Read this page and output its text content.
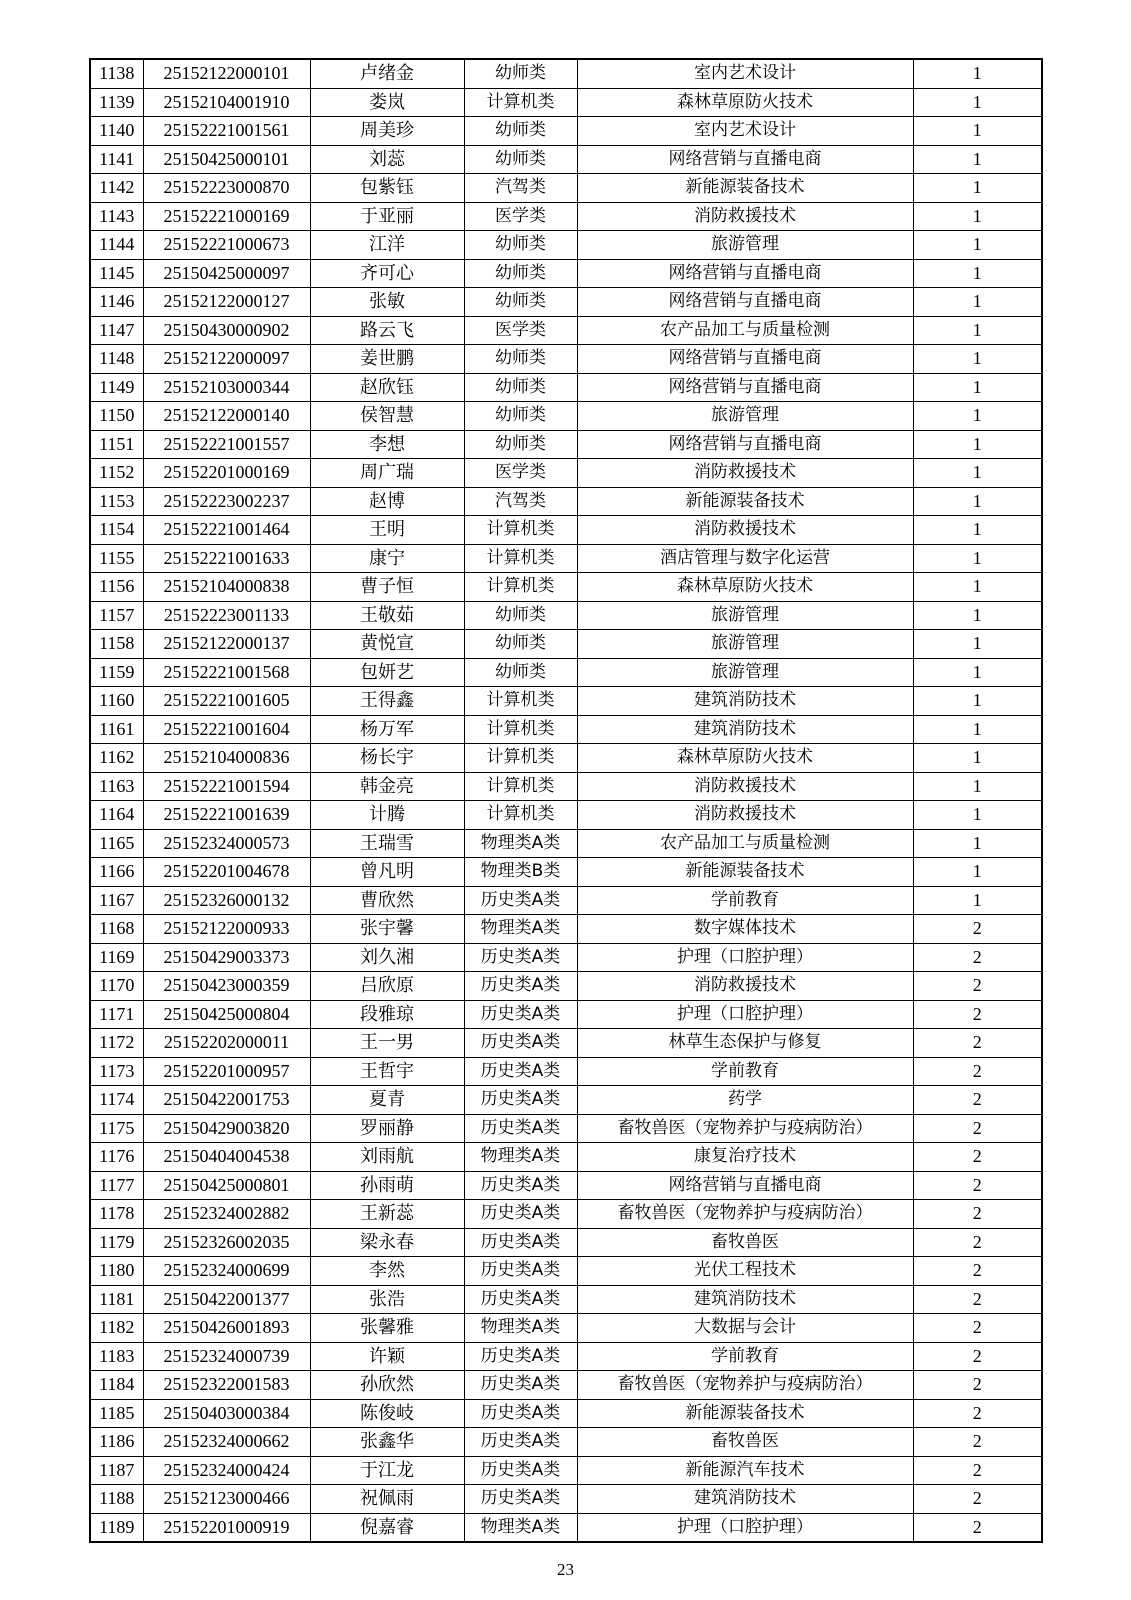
1138	25152122000101	卢绪金	幼师类	室内艺术设计	1
1139	25152104001910	娄岚	计算机类	森林草原防火技术	1
1140	25152221001561	周美珍	幼师类	室内艺术设计	1
1141	25150425000101	刘蕊	幼师类	网络营销与直播电商	1
1142	25152223000870	包紫钰	汽驾类	新能源装备技术	1
1143	25152221000169	于亚丽	医学类	消防救援技术	1
1144	25152221000673	江洋	幼师类	旅游管理	1
1145	25150425000097	齐可心	幼师类	网络营销与直播电商	1
1146	25152122000127	张敏	幼师类	网络营销与直播电商	1
1147	25150430000902	路云飞	医学类	农产品加工与质量检测	1
1148	25152122000097	姜世鹏	幼师类	网络营销与直播电商	1
1149	25152103000344	赵欣钰	幼师类	网络营销与直播电商	1
1150	25152122000140	侯智慧	幼师类	旅游管理	1
1151	25152221001557	李想	幼师类	网络营销与直播电商	1
1152	25152201000169	周广瑞	医学类	消防救援技术	1
1153	25152223002237	赵博	汽驾类	新能源装备技术	1
1154	25152221001464	王明	计算机类	消防救援技术	1
1155	25152221001633	康宁	计算机类	酒店管理与数字化运营	1
1156	25152104000838	曹子恒	计算机类	森林草原防火技术	1
1157	25152223001133	王敬茹	幼师类	旅游管理	1
1158	25152122000137	黄悦宣	幼师类	旅游管理	1
1159	25152221001568	包妍艺	幼师类	旅游管理	1
1160	25152221001605	王得鑫	计算机类	建筑消防技术	1
1161	25152221001604	杨万军	计算机类	建筑消防技术	1
1162	25152104000836	杨长宇	计算机类	森林草原防火技术	1
1163	25152221001594	韩金亮	计算机类	消防救援技术	1
1164	25152221001639	计腾	计算机类	消防救援技术	1
1165	25152324000573	王瑞雪	物理类A类	农产品加工与质量检测	1
1166	25152201004678	曾凡明	物理类B类	新能源装备技术	1
1167	25152326000132	曹欣然	历史类A类	学前教育	1
1168	25152122000933	张宇馨	物理类A类	数字媒体技术	2
1169	25150429003373	刘久湘	历史类A类	护理（口腔护理）	2
1170	25150423000359	吕欣原	历史类A类	消防救援技术	2
1171	25150425000804	段雅琼	历史类A类	护理（口腔护理）	2
1172	25152202000011	王一男	历史类A类	林草生态保护与修复	2
1173	25152201000957	王哲宇	历史类A类	学前教育	2
1174	25150422001753	夏青	历史类A类	药学	2
1175	25150429003820	罗丽静	历史类A类	畜牧兽医（宠物养护与疫病防治）	2
1176	25150404004538	刘雨航	物理类A类	康复治疗技术	2
1177	25150425000801	孙雨萌	历史类A类	网络营销与直播电商	2
1178	25152324002882	王新蕊	历史类A类	畜牧兽医（宠物养护与疫病防治）	2
1179	25152326002035	梁永春	历史类A类	畜牧兽医	2
1180	25152324000699	李然	历史类A类	光伏工程技术	2
1181	25150422001377	张浩	历史类A类	建筑消防技术	2
1182	25150426001893	张馨雅	物理类A类	大数据与会计	2
1183	25152324000739	许颖	历史类A类	学前教育	2
1184	25152322001583	孙欣然	历史类A类	畜牧兽医（宠物养护与疫病防治）	2
1185	25150403000384	陈俊岐	历史类A类	新能源装备技术	2
1186	25152324000662	张鑫华	历史类A类	畜牧兽医	2
1187	25152324000424	于江龙	历史类A类	新能源汽车技术	2
1188	25152123000466	祝佩雨	历史类A类	建筑消防技术	2
1189	25152201000919	倪嘉睿	物理类A类	护理（口腔护理）	2
23
